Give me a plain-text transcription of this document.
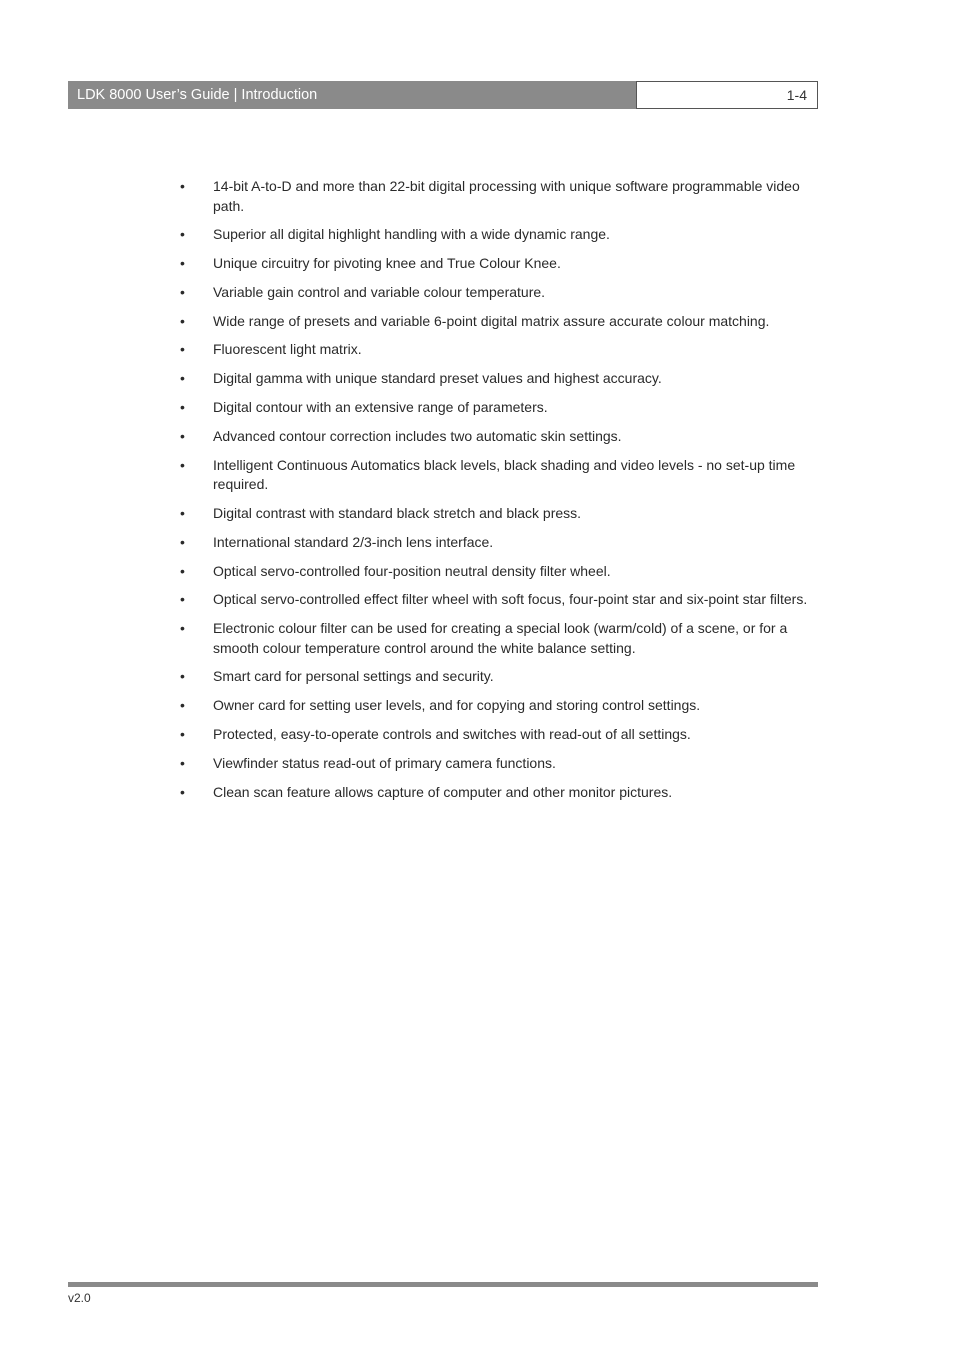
LDK 8000 User’s Guide | Introduction	1-4
•	14-bit A-to-D and more than 22-bit digital processing with unique software programmable video path.
•	Superior all digital highlight handling with a wide dynamic range.
•	Unique circuitry for pivoting knee and True Colour Knee.
•	Variable gain control and variable colour temperature.
•	Wide range of presets and variable 6-point digital matrix assure accurate colour matching.
•	Fluorescent light matrix.
•	Digital gamma with unique standard preset values and highest accuracy.
•	Digital contour with an extensive range of parameters.
•	Advanced contour correction includes two automatic skin settings.
•	Intelligent Continuous Automatics black levels, black shading and video levels - no set-up time required.
•	Digital contrast with standard black stretch and black press.
•	International standard 2/3-inch lens interface.
•	Optical servo-controlled four-position neutral density filter wheel.
•	Optical servo-controlled effect filter wheel with soft focus, four-point star and six-point star filters.
•	Electronic colour filter can be used for creating a special look (warm/cold) of a scene, or for a smooth colour temperature control around the white balance setting.
•	Smart card for personal settings and security.
•	Owner card for setting user levels, and for copying and storing control settings.
•	Protected, easy-to-operate controls and switches with read-out of all settings.
•	Viewfinder status read-out of primary camera functions.
•	Clean scan feature allows capture of computer and other monitor pictures.
v2.0
